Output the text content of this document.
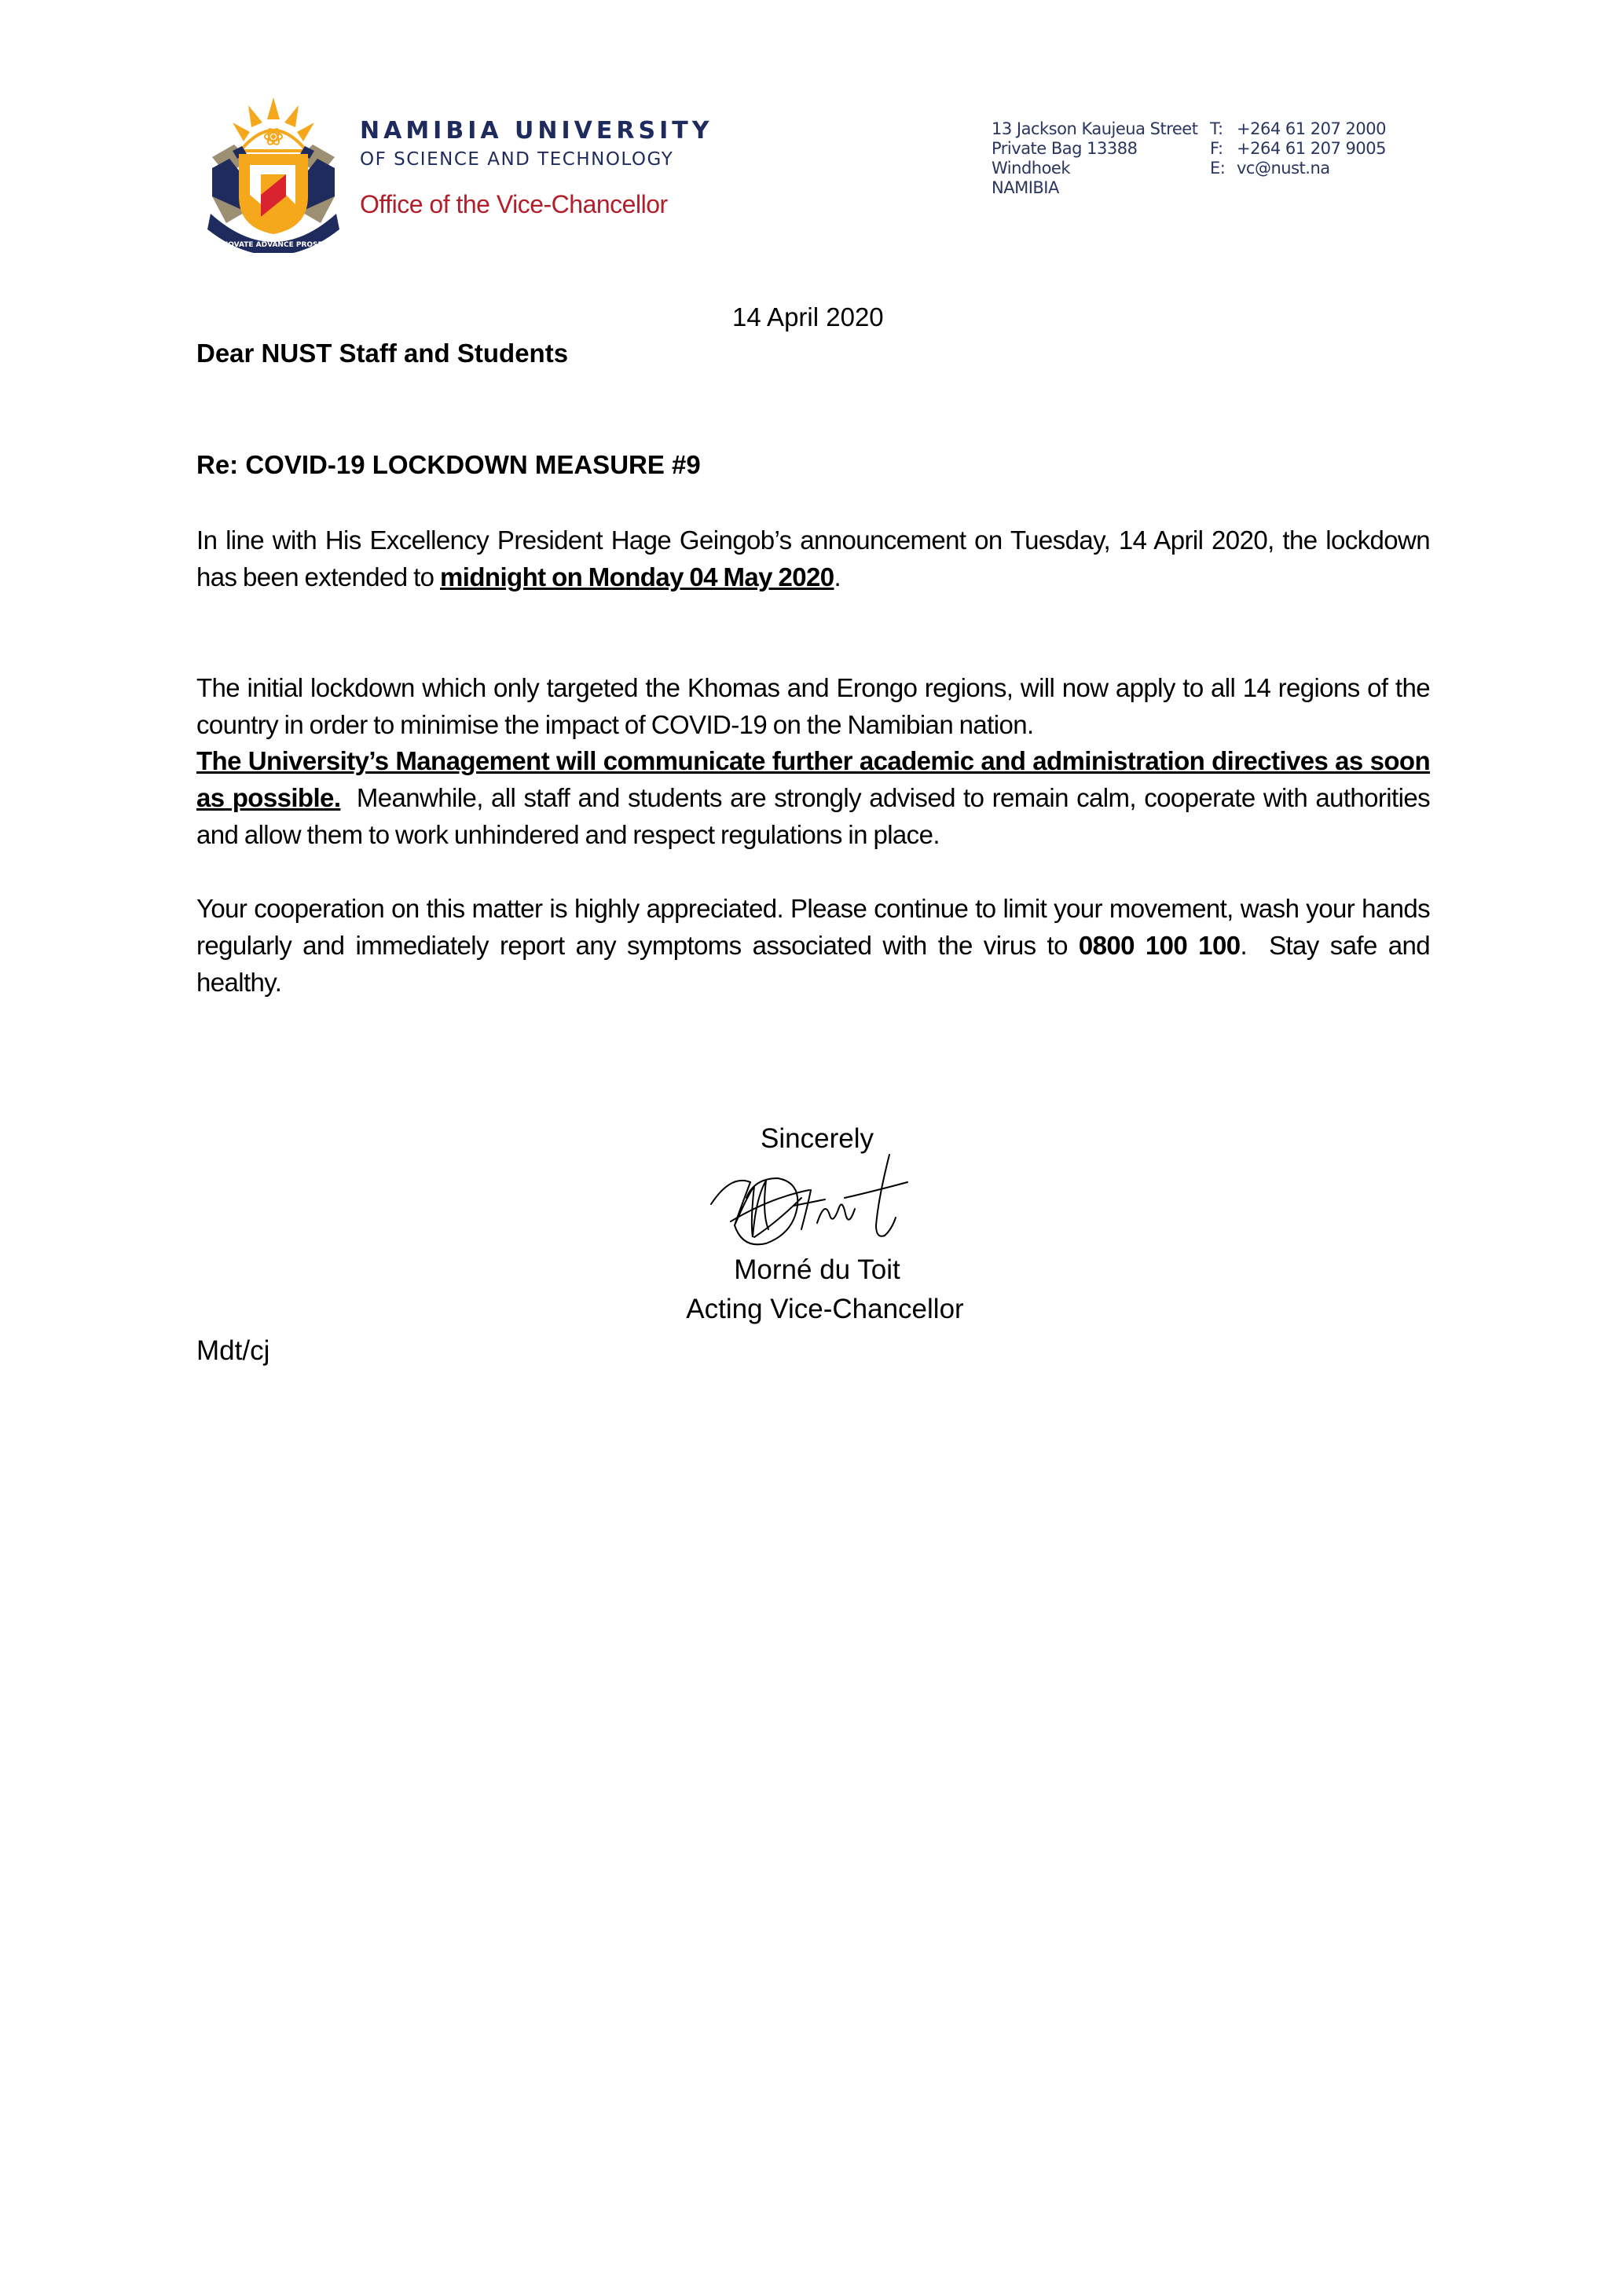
INNOVATE ADVANCE PROSPER
NAMIBIA UNIVERSITY
OF SCIENCE AND TECHNOLOGY
Office of the Vice-Chancellor
13 Jackson Kaujeua Street
Private Bag 13388
Windhoek
NAMIBIA
T: +264 61 207 2000
F: +264 61 207 9005
E: vc@nust.na
14 April 2020
Dear NUST Staff and Students
Re: COVID-19 LOCKDOWN MEASURE #9
In line with His Excellency President Hage Geingob’s announcement on Tuesday, 14 April 2020, the lockdown has been extended to midnight on Monday 04 May 2020.
The initial lockdown which only targeted the Khomas and Erongo regions, will now apply to all 14 regions of the country in order to minimise the impact of COVID-19 on the Namibian nation.
The University’s Management will communicate further academic and administration directives as soon as possible.  Meanwhile, all staff and students are strongly advised to remain calm, cooperate with authorities and allow them to work unhindered and respect regulations in place.
Your cooperation on this matter is highly appreciated. Please continue to limit your movement, wash your hands regularly and immediately report any symptoms associated with the virus to 0800 100 100.  Stay safe and healthy.
Sincerely
Morné du Toit
Acting Vice-Chancellor
Mdt/cj
